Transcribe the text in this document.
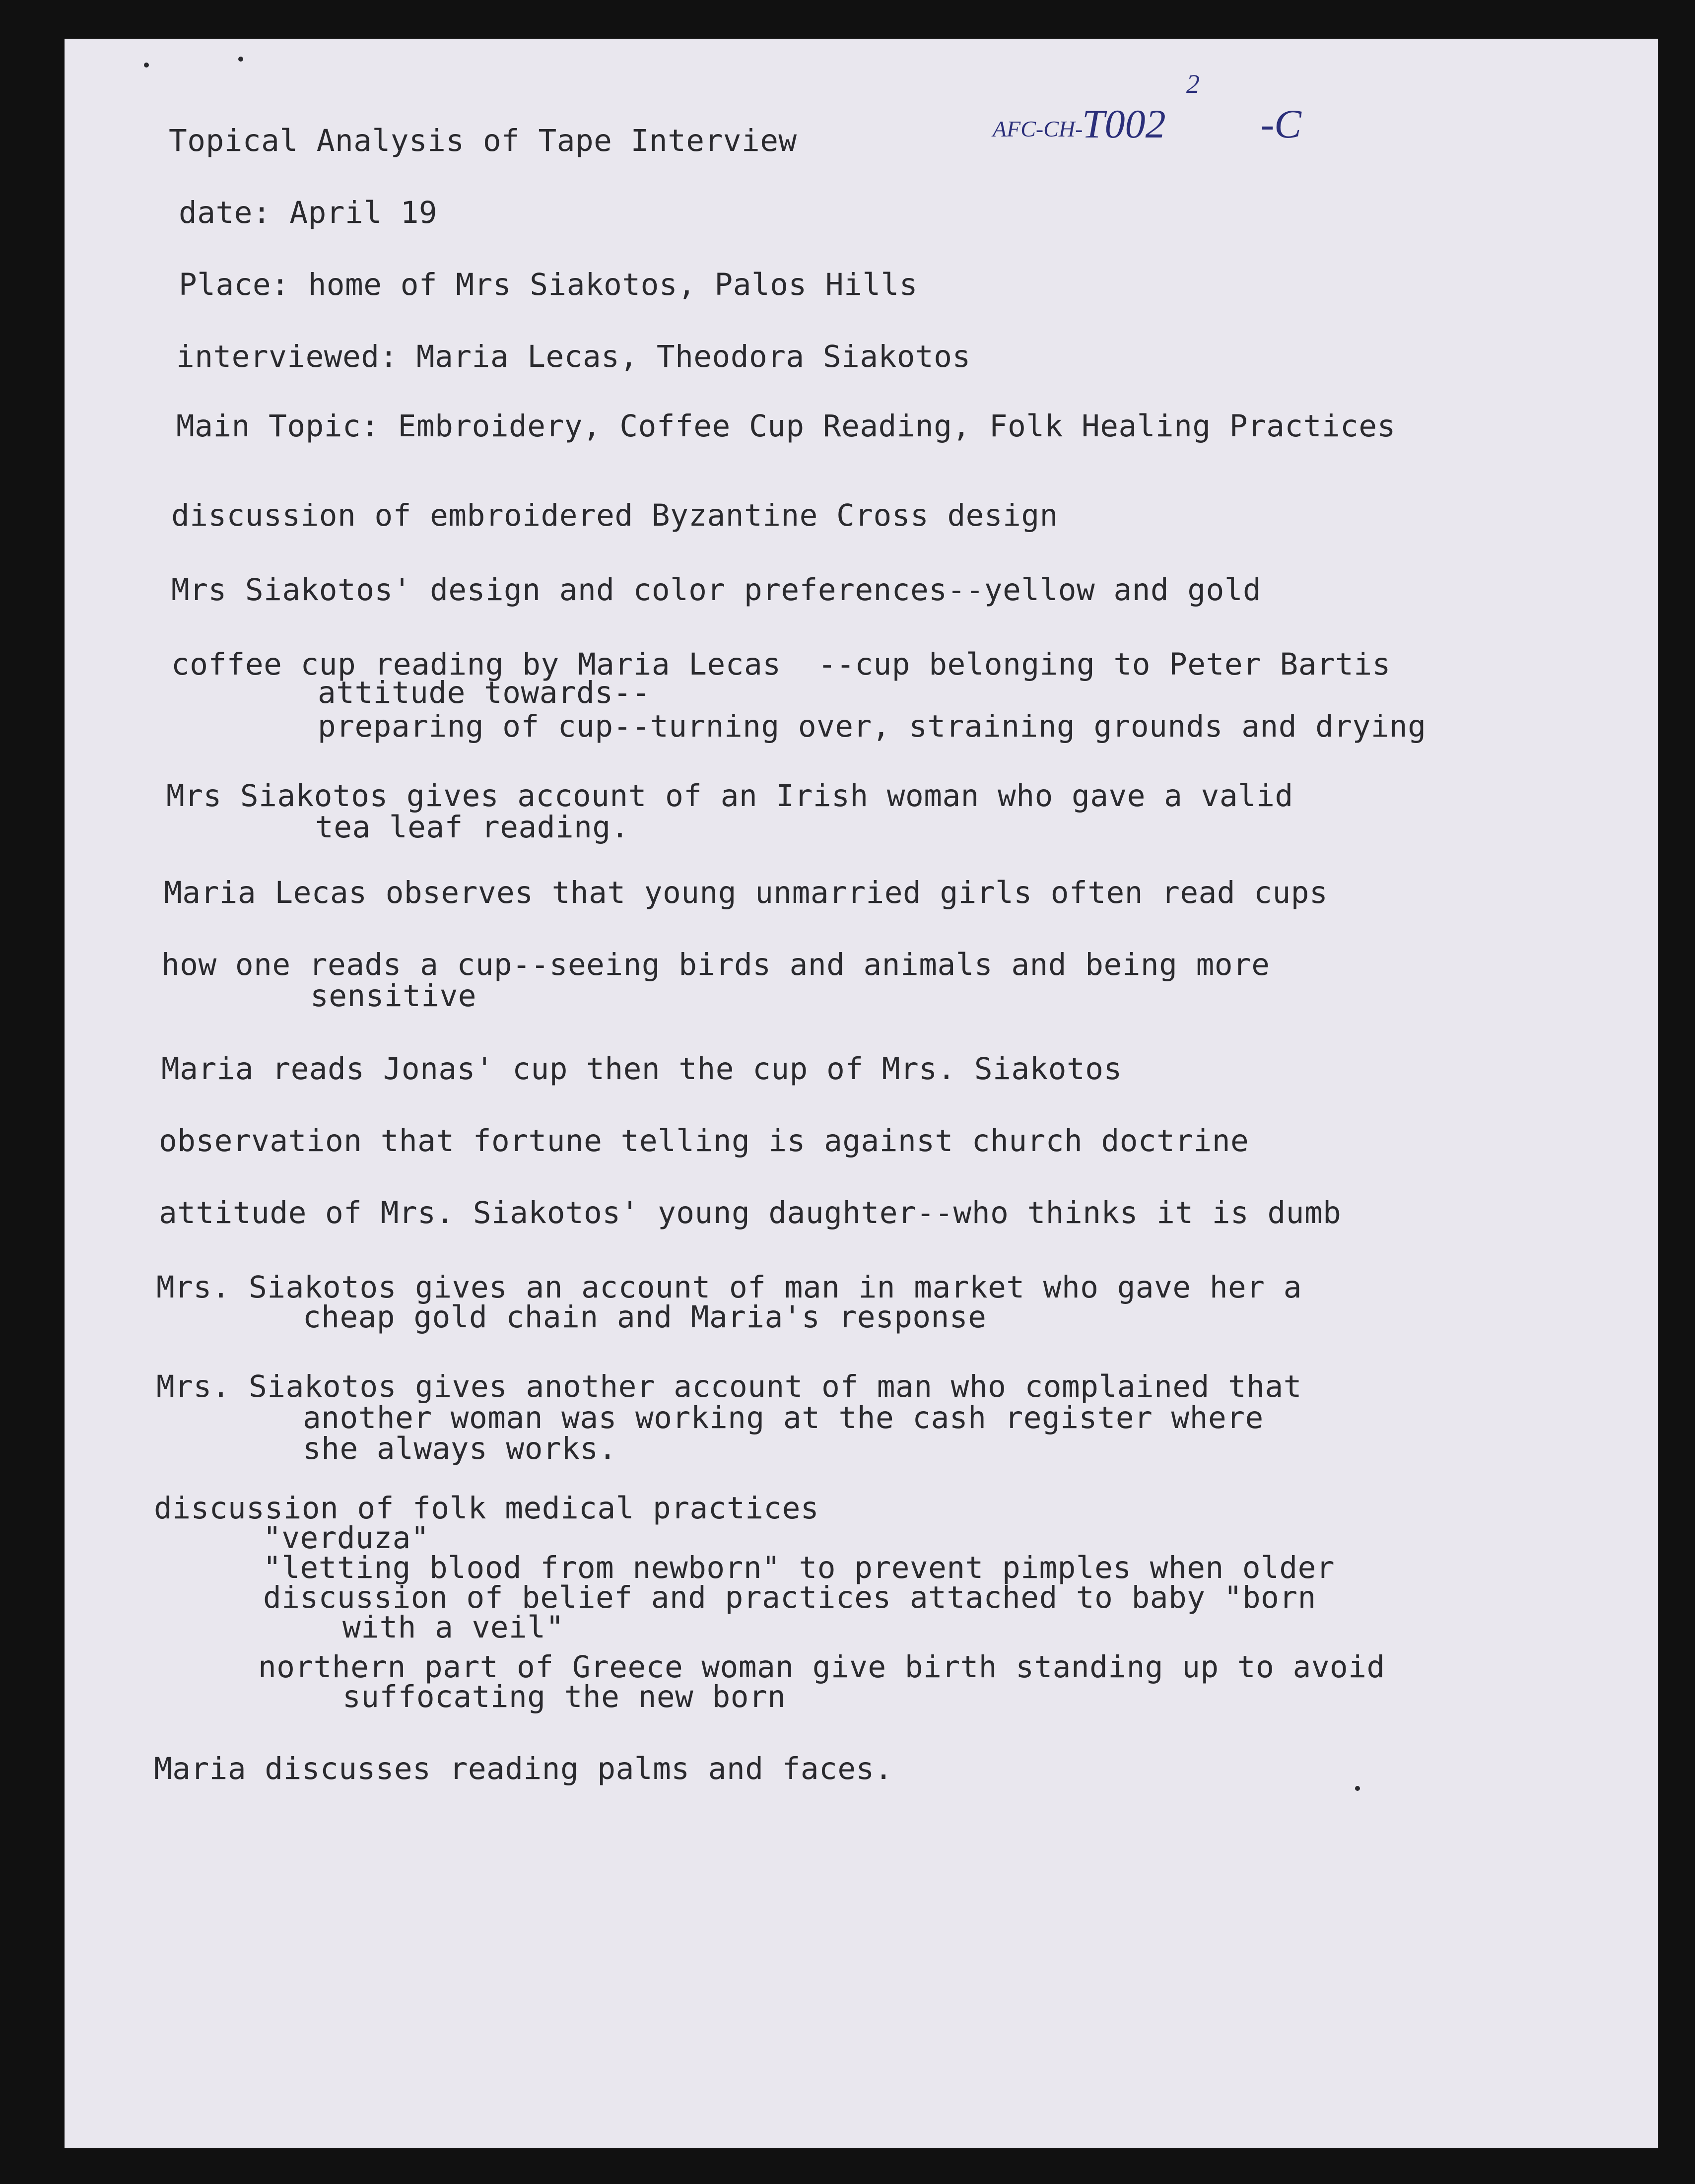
AFC-CH-
T002
2
-C

Topical Analysis of Tape Interview

date: April 19

Place: home of Mrs Siakotos, Palos Hills

interviewed: Maria Lecas, Theodora Siakotos

Main Topic: Embroidery, Coffee Cup Reading, Folk Healing Practices

discussion of embroidered Byzantine Cross design

Mrs Siakotos' design and color preferences--yellow and gold

coffee cup reading by Maria Lecas  --cup belonging to Peter Bartis

attitude towards--

preparing of cup--turning over, straining grounds and drying

Mrs Siakotos gives account of an Irish woman who gave a valid

tea leaf reading.

Maria Lecas observes that young unmarried girls often read cups

how one reads a cup--seeing birds and animals and being more

sensitive

Maria reads Jonas' cup then the cup of Mrs. Siakotos

observation that fortune telling is against church doctrine

attitude of Mrs. Siakotos' young daughter--who thinks it is dumb

Mrs. Siakotos gives an account of man in market who gave her a

cheap gold chain and Maria's response

Mrs. Siakotos gives another account of man who complained that

another woman was working at the cash register where

she always works.

discussion of folk medical practices

"verduza"

"letting blood from newborn" to prevent pimples when older

discussion of belief and practices attached to baby "born

with a veil"

northern part of Greece woman give birth standing up to avoid

suffocating the new born

Maria discusses reading palms and faces.
